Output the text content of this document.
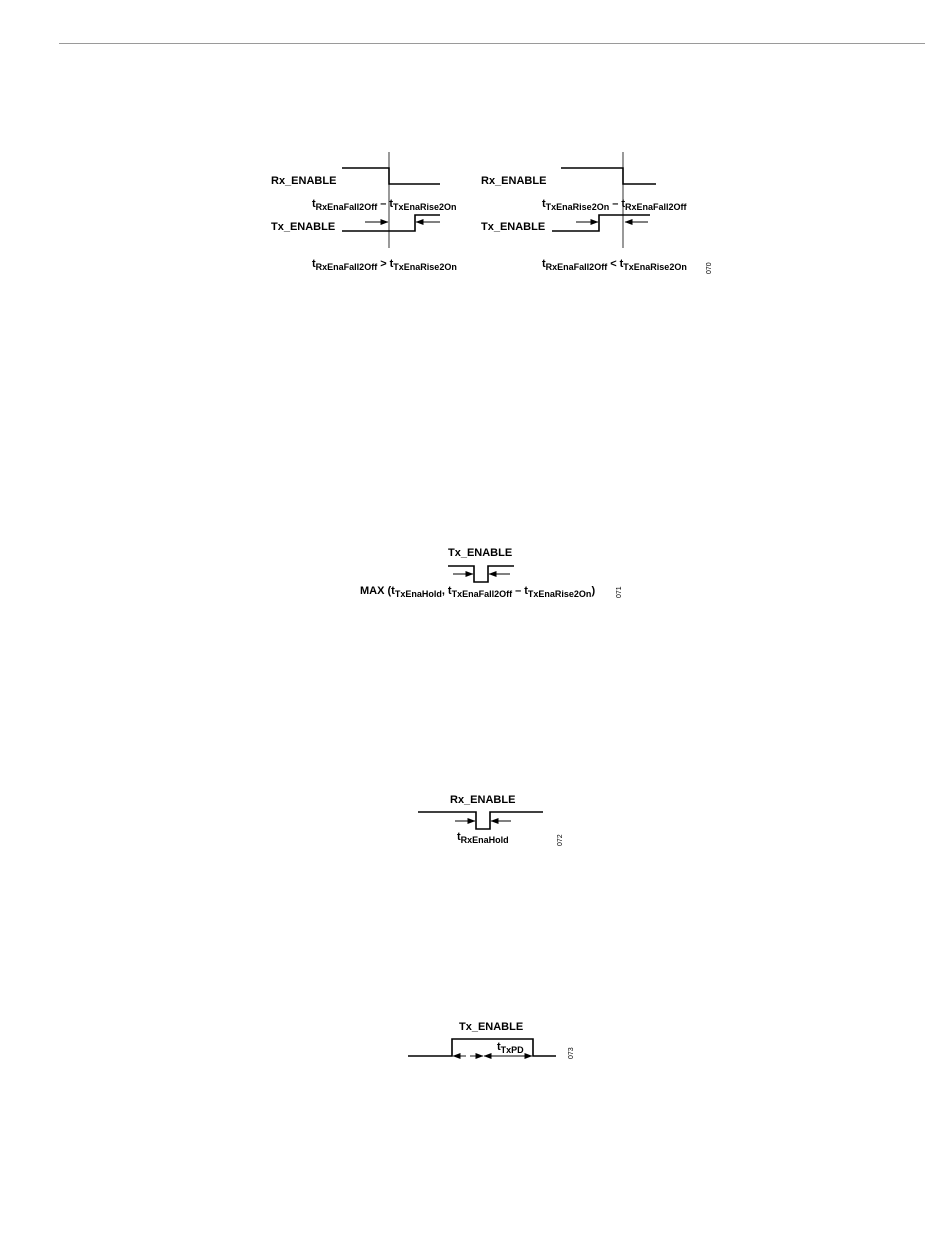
Rx_ENABLE
Tx_ENABLE
$t_{RxEnaFall2Off} - t_{TxEnaRise2On}$
$t_{RxEnaFall2Off} > t_{TxEnaRise2On}$
Rx_ENABLE
Tx_ENABLE
$t_{TxEnaRise2On} - t_{RxEnaFall2Off}$
$t_{RxEnaFall2Off} < t_{TxEnaRise2On}$	070
Tx_ENABLE
MAX ($t_{TxEnaHold}$, $t_{TxEnaFall2Off} - t_{TxEnaRise2On}$)	071
Rx_ENABLE
$t_{RxEnaHold}$	072
Tx_ENABLE
$t_{TxPD}$	073
